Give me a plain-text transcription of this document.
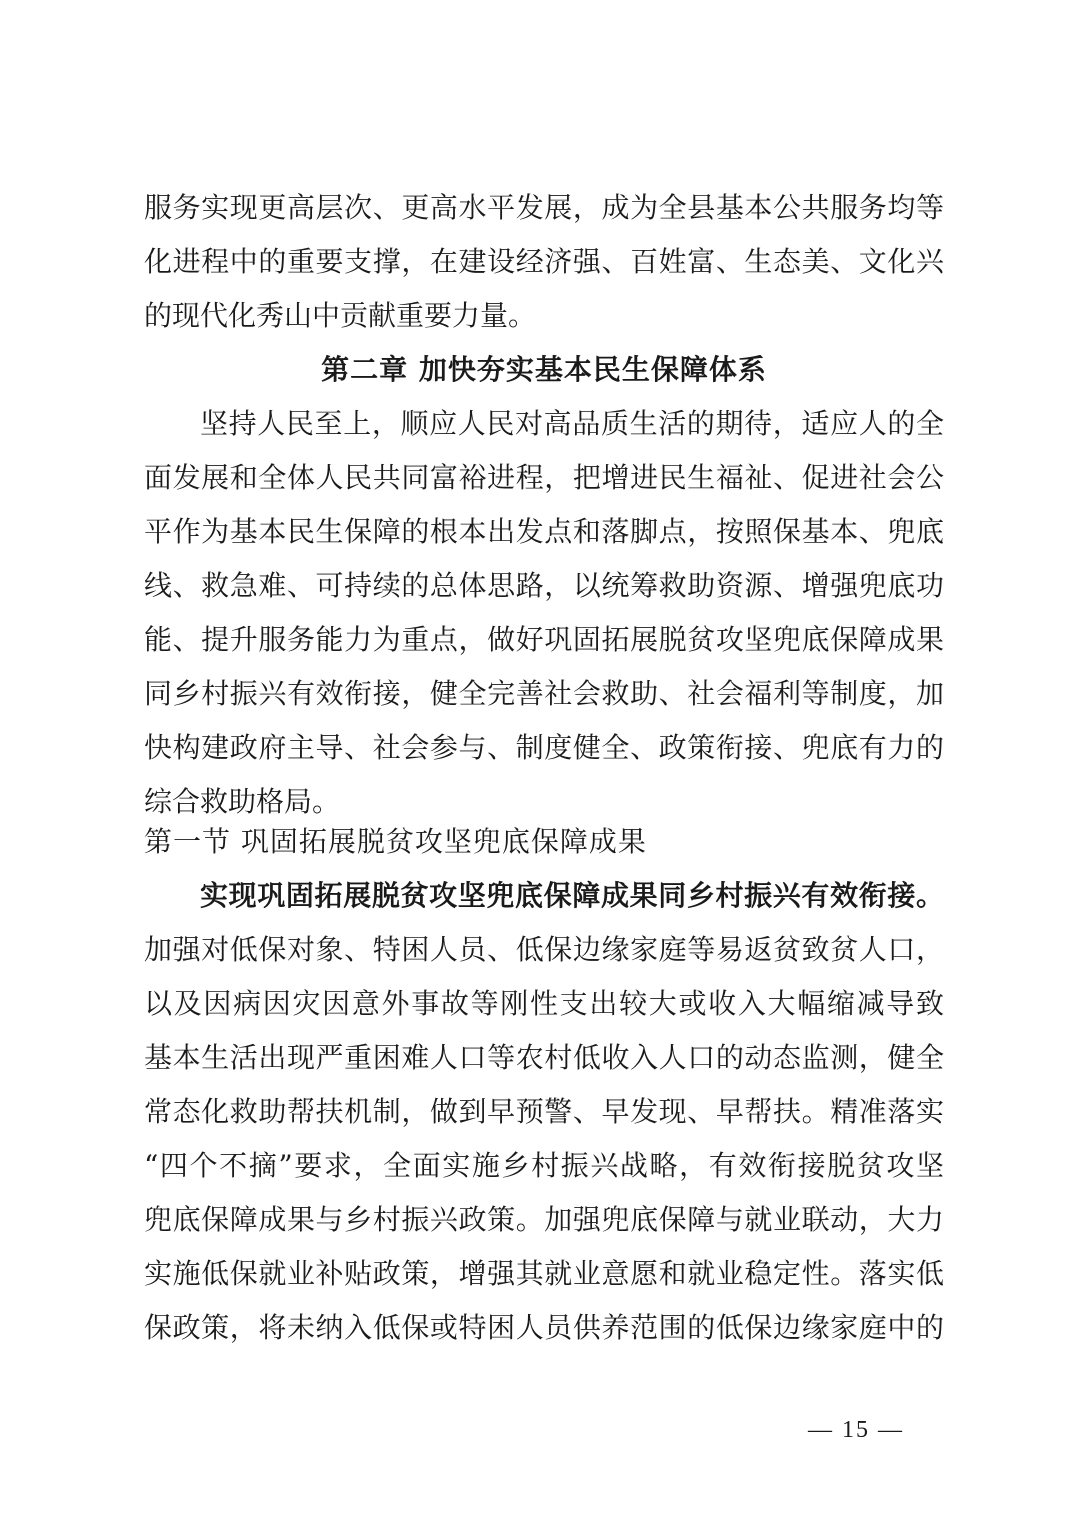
服务实现更高层次、更高水平发展，成为全县基本公共服务均等
化进程中的重要支撑，在建设经济强、百姓富、生态美、文化兴
的现代化秀山中贡献重要力量。
第二章 加快夯实基本民生保障体系
坚持人民至上，顺应人民对高品质生活的期待，适应人的全
面发展和全体人民共同富裕进程，把增进民生福祉、促进社会公
平作为基本民生保障的根本出发点和落脚点，按照保基本、兜底
线、救急难、可持续的总体思路，以统筹救助资源、增强兜底功
能、提升服务能力为重点，做好巩固拓展脱贫攻坚兜底保障成果
同乡村振兴有效衔接，健全完善社会救助、社会福利等制度，加
快构建政府主导、社会参与、制度健全、政策衔接、兜底有力的
综合救助格局。
第一节 巩固拓展脱贫攻坚兜底保障成果
实现巩固拓展脱贫攻坚兜底保障成果同乡村振兴有效衔接。
加强对低保对象、特困人员、低保边缘家庭等易返贫致贫人口，
以及因病因灾因意外事故等刚性支出较大或收入大幅缩减导致
基本生活出现严重困难人口等农村低收入人口的动态监测，健全
常态化救助帮扶机制，做到早预警、早发现、早帮扶。精准落实
“四个不摘”要求，全面实施乡村振兴战略，有效衔接脱贫攻坚
兜底保障成果与乡村振兴政策。加强兜底保障与就业联动，大力
实施低保就业补贴政策，增强其就业意愿和就业稳定性。落实低
保政策，将未纳入低保或特困人员供养范围的低保边缘家庭中的
— 15 —
